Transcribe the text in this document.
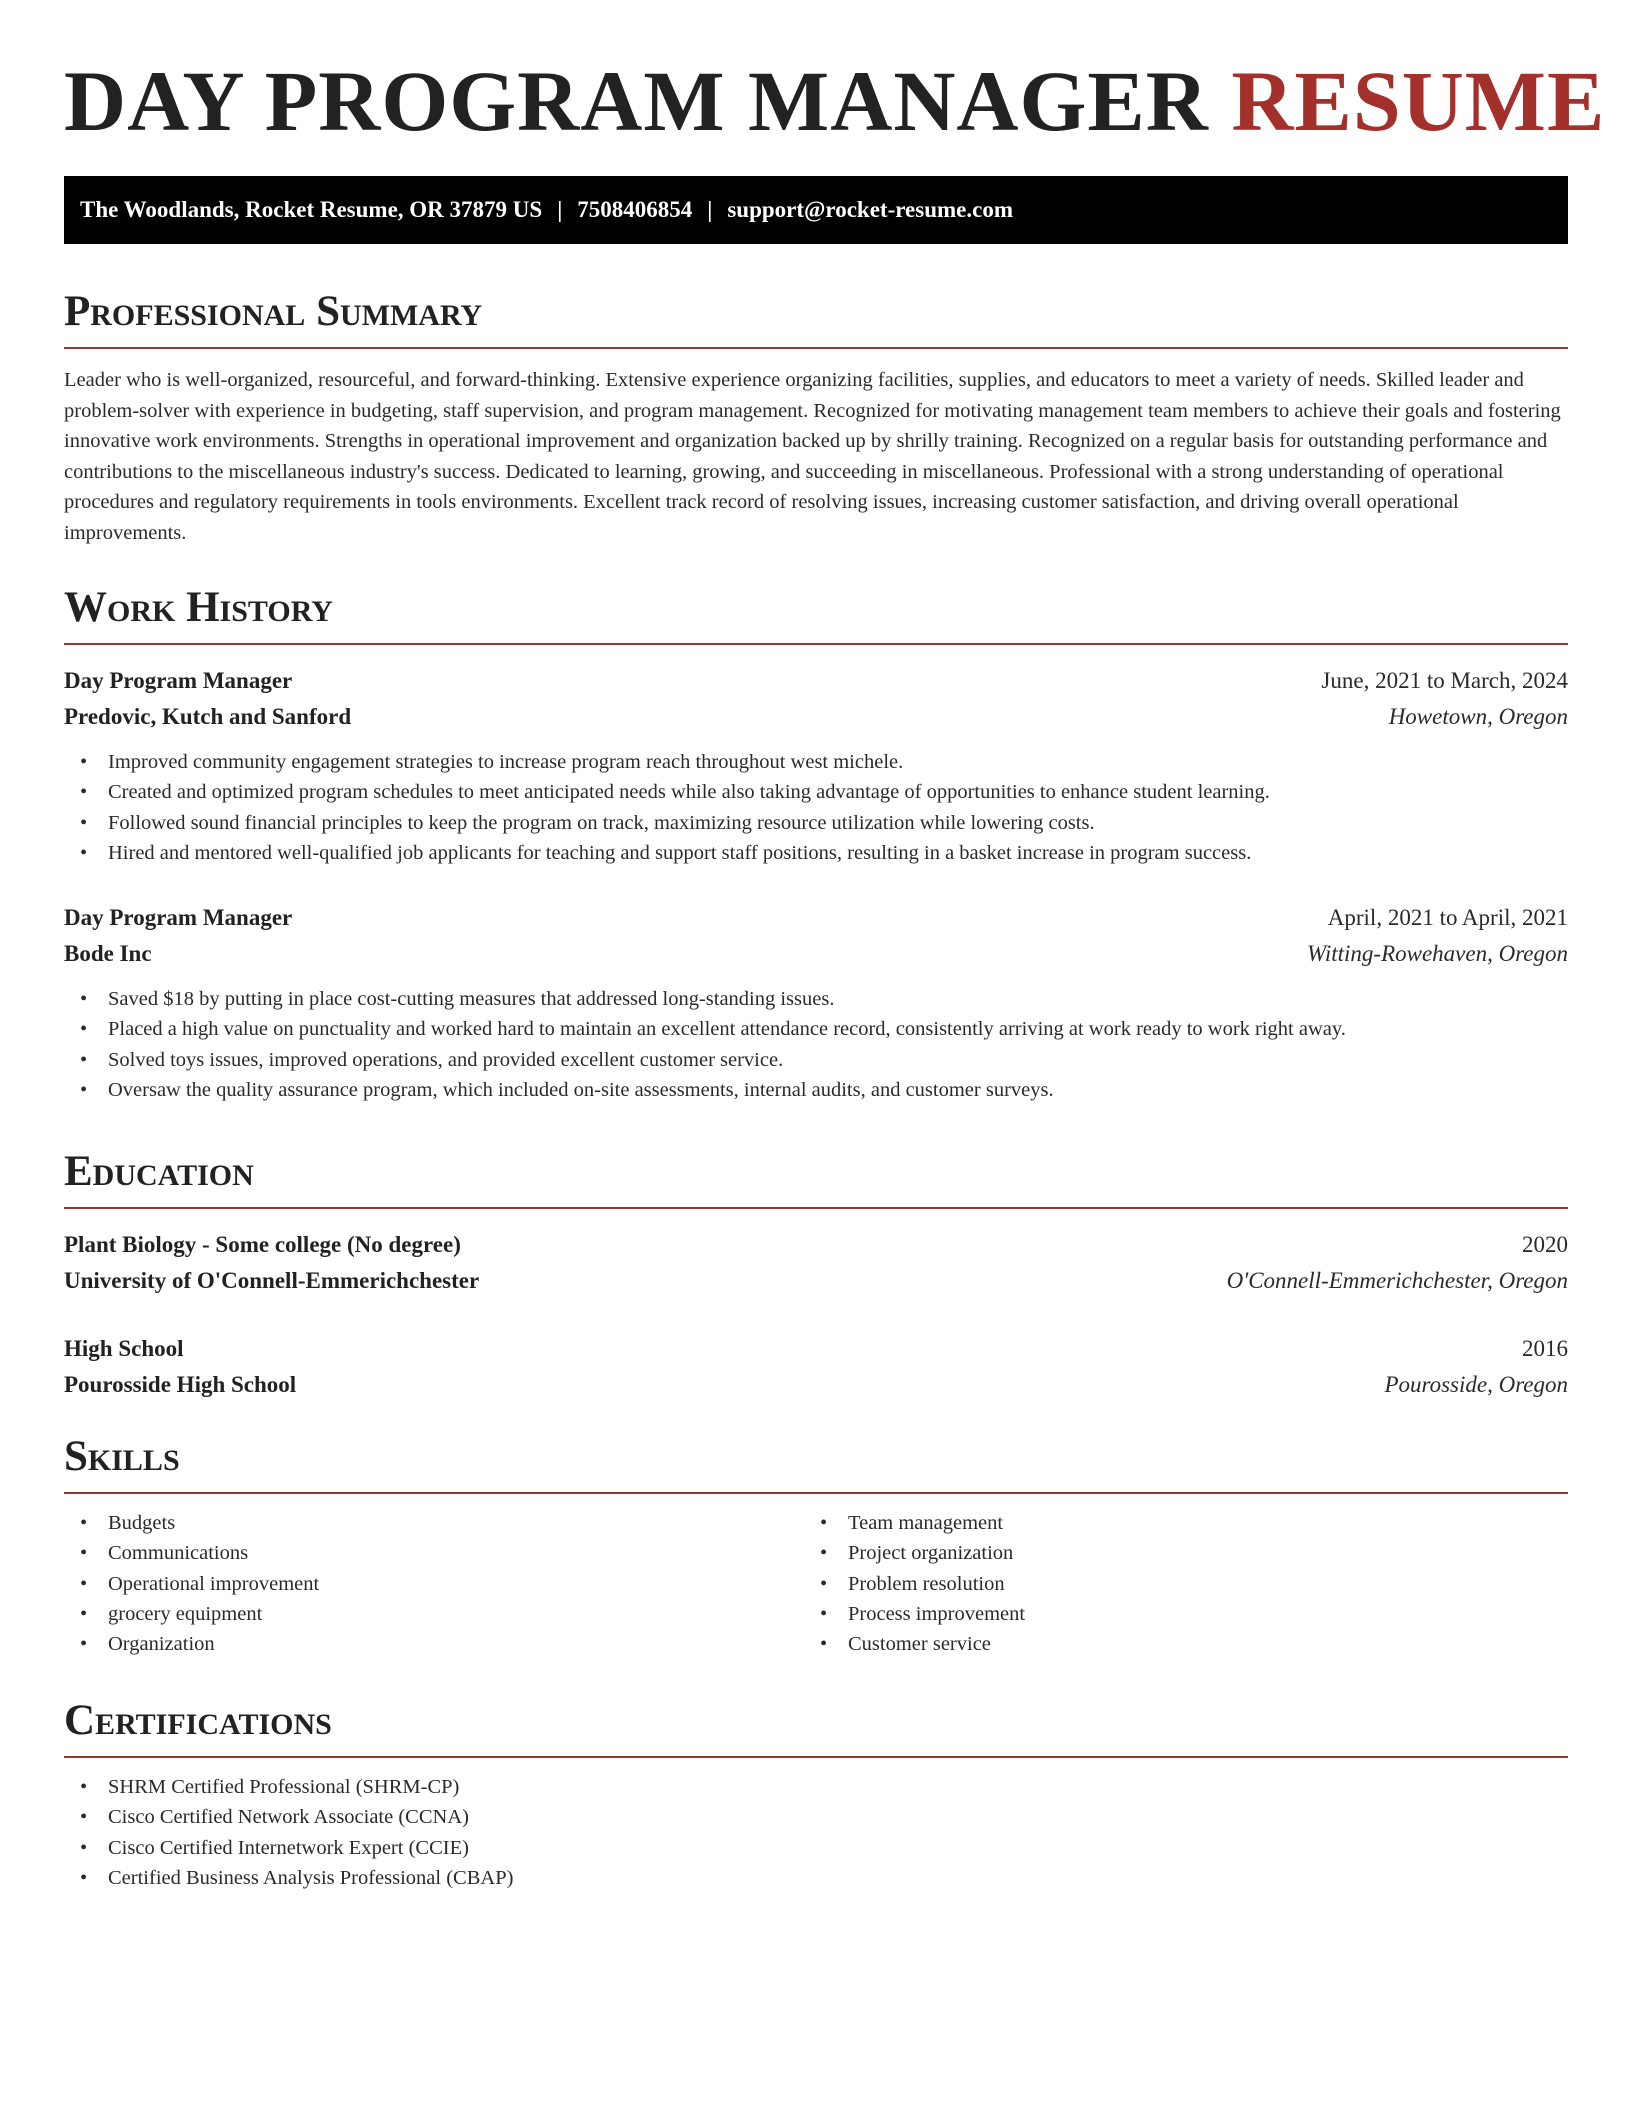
DAY PROGRAM MANAGER RESUME
The Woodlands, Rocket Resume, OR 37879 US | 7508406854 | support@rocket-resume.com
Professional Summary

Leader who is well-organized, resourceful, and forward-thinking. Extensive experience organizing facilities, supplies, and educators to meet a variety of needs. Skilled leader and problem-solver with experience in budgeting, staff supervision, and program management. Recognized for motivating management team members to achieve their goals and fostering innovative work environments. Strengths in operational improvement and organization backed up by shrilly training. Recognized on a regular basis for outstanding performance and contributions to the miscellaneous industry's success. Dedicated to learning, growing, and succeeding in miscellaneous. Professional with a strong understanding of operational procedures and regulatory requirements in tools environments. Excellent track record of resolving issues, increasing customer satisfaction, and driving overall operational improvements.

Work History
Day Program Manager	June, 2021 to March, 2024
Predovic, Kutch and Sanford	Howetown, Oregon
• Improved community engagement strategies to increase program reach throughout west michele.
• Created and optimized program schedules to meet anticipated needs while also taking advantage of opportunities to enhance student learning.
• Followed sound financial principles to keep the program on track, maximizing resource utilization while lowering costs.
• Hired and mentored well-qualified job applicants for teaching and support staff positions, resulting in a basket increase in program success.
Day Program Manager	April, 2021 to April, 2021
Bode Inc	Witting-Rowehaven, Oregon
• Saved $18 by putting in place cost-cutting measures that addressed long-standing issues.
• Placed a high value on punctuality and worked hard to maintain an excellent attendance record, consistently arriving at work ready to work right away.
• Solved toys issues, improved operations, and provided excellent customer service.
• Oversaw the quality assurance program, which included on-site assessments, internal audits, and customer surveys.
Education
Plant Biology - Some college (No degree)	2020
University of O'Connell-Emmerichchester	O'Connell-Emmerichchester, Oregon
High School	2016
Pourosside High School	Pourosside, Oregon
Skills
• Budgets
• Communications
• Operational improvement
• grocery equipment
• Organization
• Team management
• Project organization
• Problem resolution
• Process improvement
• Customer service
Certifications
• SHRM Certified Professional (SHRM-CP)
• Cisco Certified Network Associate (CCNA)
• Cisco Certified Internetwork Expert (CCIE)
• Certified Business Analysis Professional (CBAP)
